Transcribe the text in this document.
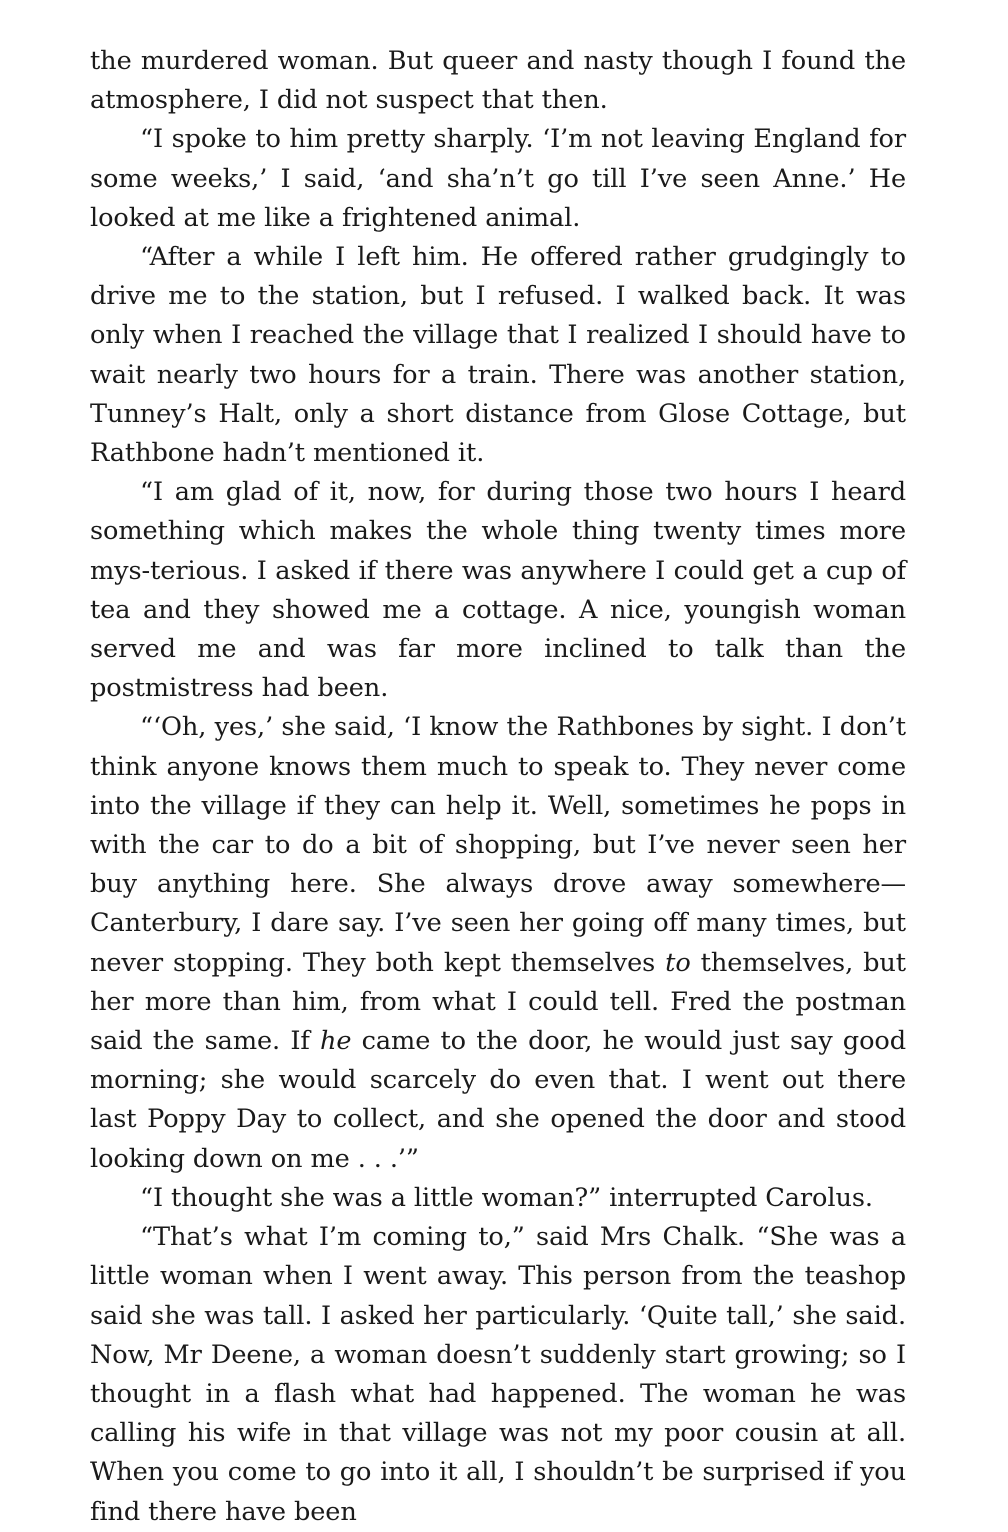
the murdered woman. But queer and nasty though I found the atmosphere, I did not suspect that then.

“I spoke to him pretty sharply. ‘I’m not leaving England for some weeks,’ I said, ‘and sha’n’t go till I’ve seen Anne.’ He looked at me like a frightened animal.

“After a while I left him. He offered rather grudgingly to drive me to the station, but I refused. I walked back. It was only when I reached the village that I realized I should have to wait nearly two hours for a train. There was another station, Tunney’s Halt, only a short distance from Glose Cottage, but Rathbone hadn’t mentioned it.

“I am glad of it, now, for during those two hours I heard something which makes the whole thing twenty times more mys-terious. I asked if there was anywhere I could get a cup of tea and they showed me a cottage. A nice, youngish woman served me and was far more inclined to talk than the postmistress had been.

“‘Oh, yes,’ she said, ‘I know the Rathbones by sight. I don’t think anyone knows them much to speak to. They never come into the village if they can help it. Well, sometimes he pops in with the car to do a bit of shopping, but I’ve never seen her buy anything here. She always drove away somewhere—Canterbury, I dare say. I’ve seen her going off many times, but never stopping. They both kept themselves to themselves, but her more than him, from what I could tell. Fred the postman said the same. If he came to the door, he would just say good morning; she would scarcely do even that. I went out there last Poppy Day to collect, and she opened the door and stood looking down on me . . .’”

“I thought she was a little woman?” interrupted Carolus.

“That’s what I’m coming to,” said Mrs Chalk. “She was a little woman when I went away. This person from the teashop said she was tall. I asked her particularly. ‘Quite tall,’ she said. Now, Mr Deene, a woman doesn’t suddenly start growing; so I thought in a flash what had happened. The woman he was calling his wife in that village was not my poor cousin at all. When you come to go into it all, I shouldn’t be surprised if you find there have been
